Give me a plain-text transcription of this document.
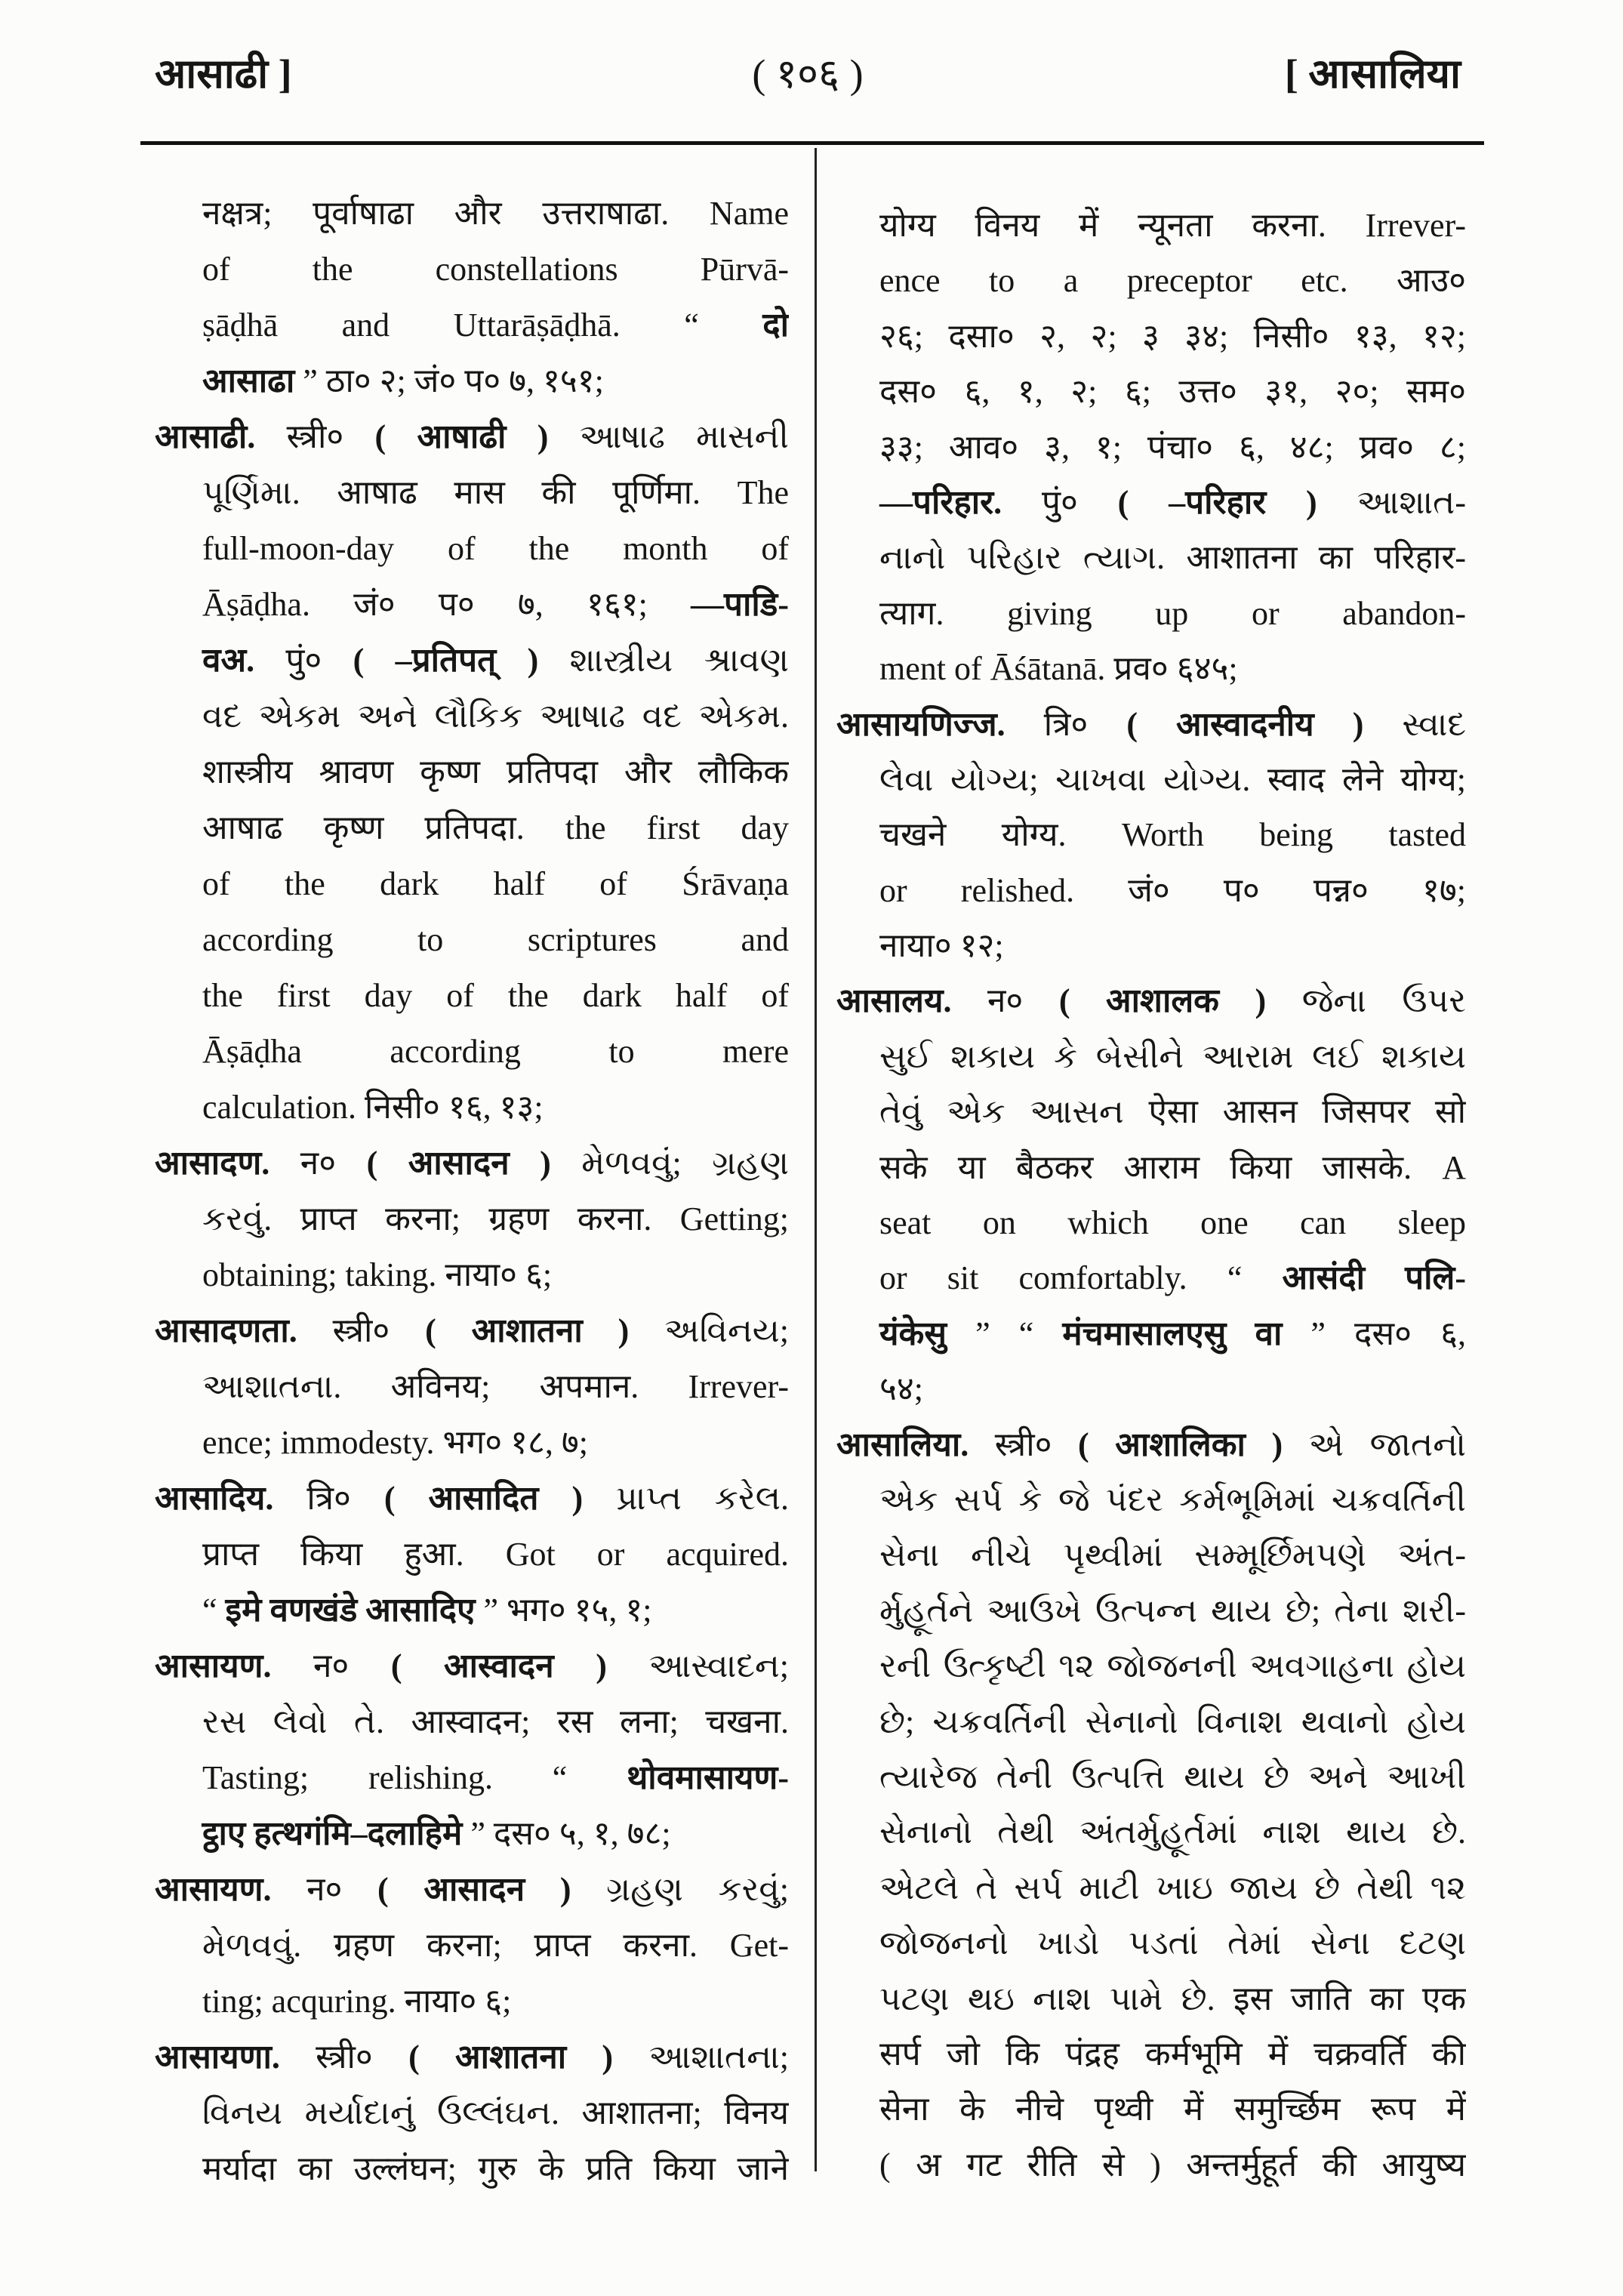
आसाढी ]	( १०६ )	[ आसालिया
नक्षत्र; पूर्वाषाढा और उत्तराषाढा. Name
of the constellations Pūrvā-
ṣāḍhā and Uttarāṣāḍhā. “ दो
आसाढा ” ठा० २; जं० प० ७, १५१;
आसाढी. स्त्री० ( आषाढी ) આષાઢ માસની
પૂર્ણિમા. आषाढ मास की पूर्णिमा. The
full-moon-day of the month of
Āṣāḍha. जं० प० ७, १६१; —पाडि-
वअ. पुं० ( –प्रतिपत् ) શાસ્ત્રીય શ્રાવણ
વદ એકમ અને લૌકિક આષાઢ વદ એકમ.
शास्त्रीय श्रावण कृष्ण प्रतिपदा और लौकिक
आषाढ कृष्ण प्रतिपदा. the first day
of the dark half of Śrāvaṇa
according to scriptures and
the first day of the dark half of
Āṣāḍha according to mere
calculation. निसी० १६, १३;
आसादण. न० ( आसादन ) મેળવવું; ગ્રહણ
કરવું. प्राप्त करना; ग्रहण करना. Getting;
obtaining; taking. नाया० ६;
आसादणता. स्त्री० ( आशातना ) અવિનય;
આશાતના. अविनय; अपमान. Irrever-
ence; immodesty. भग० १८, ७;
आसादिय. त्रि० ( आसादित ) પ્રાપ્ત કરેલ.
प्राप्त किया हुआ. Got or acquired.
“ इमे वणखंडे आसादिए ” भग० १५, १;
आसायण. न० ( आस्वादन ) આસ્વાદન;
રસ લેવો તે. आस्वादन; रस लना; चखना.
Tasting; relishing. “ थोवमासायण-
ट्ठाए हत्थगंमि–दलाहिमे ” दस० ५, १, ७८;
आसायण. न० ( आसादन ) ગ્રહણ કરવું;
મેળવવું. ग्रहण करना; प्राप्त करना. Get-
ting; acquring. नाया० ६;
आसायणा. स्त्री० ( आशातना ) આશાતના;
વિનય મર્યાદાનું ઉલ્લંઘન. आशातना; विनय
मर्यादा का उल्लंघन; गुरु के प्रति किया जाने
योग्य विनय में न्यूनता करना. Irrever-
ence to a preceptor etc. आउ०
२६; दसा० २, २; ३ ३४; निसी० १३, १२;
दस० ६, १, २; ६; उत्त० ३१, २०; सम०
३३; आव० ३, १; पंचा० ६, ४८; प्रव० ८;
—परिहार. पुं० ( –परिहार ) આશાત-
નાનો પરિહાર ત્યાગ. आशातना का परिहार-
त्याग. giving up or abandon-
ment of Āśātanā. प्रव० ६४५;
आसायणिज्ज. त्रि० ( आस्वादनीय ) સ્વાદ
લેવા યોગ્ય; ચાખવા યોગ્ય. स्वाद लेने योग्य;
चखने योग्य. Worth being tasted
or relished. जं० प० पन्न० १७;
नाया० १२;
आसालय. न० ( आशालक ) જેના ઉપર
સુઈ શકાય કે બેસીને આરામ લઈ શકાય
તેવું એક આસન ऐसा आसन जिसपर सो
सके या बैठकर आराम किया जासके. A
seat on which one can sleep
or sit comfortably. “ आसंदी पलि-
यंकेसु ” “ मंचमासालएसु वा ” दस० ६,
५४;
आसालिया. स्त्री० ( आशालिका ) એ જાતનો
એક સર્પ કે જે પંદર કર્મભૂમિમાં ચક્રવર્તિની
સેના નીચે પૃથ્વીમાં સમ્મૂર્છિમપણે અંત-
ર્મુહૂર્તને આઉખે ઉત્પન્ન થાય છે; તેના શરી-
રની ઉત્કૃષ્ટી ૧૨ જોજનની અવગાહના હોય
છે; ચક્રવર્તિની સેનાનો વિનાશ થવાનો હોય
ત્યારેજ તેની ઉત્પત્તિ થાય છે અને આખી
સેનાનો તેથી અંતર્મુહૂર્તમાં નાશ થાય છે.
એટલે તે સર્પ માટી ખાઇ જાય છે તેથી ૧૨
જોજનનો ખાડો પડતાં તેમાં સેના દટણ
પટણ થઇ નાશ પામે છે. इस जाति का एक
सर्प जो कि पंद्रह कर्मभूमि में चक्रवर्ति की
सेना के नीचे पृथ्वी में समुर्च्छिम रूप में
( अ गट रीति से ) अन्तर्मुहूर्त की आयुष्य
